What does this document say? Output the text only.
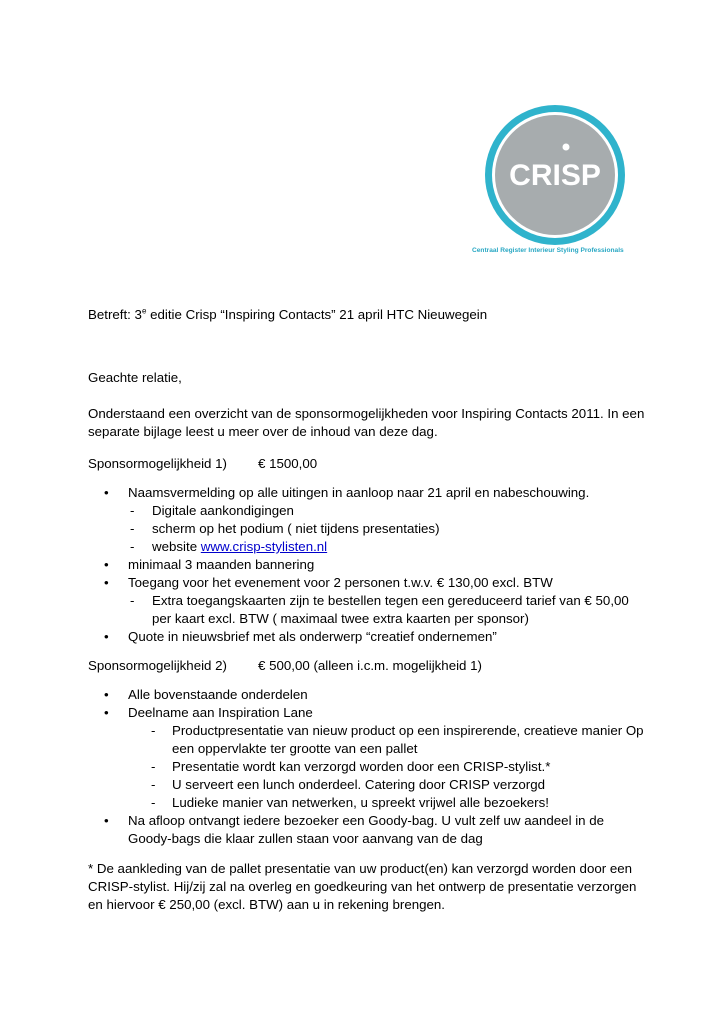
CRISP
Centraal Register Interieur Styling Professionals

Betreft: 3e editie Crisp “Inspiring Contacts” 21 april HTC Nieuwegein

Geachte relatie,

Onderstaand een overzicht van de sponsormogelijkheden voor Inspiring Contacts 2011. In een separate bijlage leest u meer over de inhoud van deze dag.

Sponsormogelijkheid 1) € 1500,00

• Naamsvermelding op alle uitingen in aanloop naar 21 april en nabeschouwing.
- Digitale aankondigingen
- scherm op het podium ( niet tijdens presentaties)
- website www.crisp-stylisten.nl
• minimaal 3 maanden bannering
• Toegang voor het evenement voor 2 personen t.w.v. € 130,00 excl. BTW
- Extra toegangskaarten zijn te bestellen tegen een gereduceerd tarief van € 50,00 per kaart excl. BTW ( maximaal twee extra kaarten per sponsor)
• Quote in nieuwsbrief met als onderwerp “creatief ondernemen”

Sponsormogelijkheid 2) € 500,00 (alleen i.c.m. mogelijkheid 1)

• Alle bovenstaande onderdelen
• Deelname aan Inspiration Lane
- Productpresentatie van nieuw product op een inspirerende, creatieve manier Op een oppervlakte ter grootte van een pallet
- Presentatie wordt kan verzorgd worden door een CRISP-stylist.*
- U serveert een lunch onderdeel. Catering door CRISP verzorgd
- Ludieke manier van netwerken, u spreekt vrijwel alle bezoekers!
• Na afloop ontvangt iedere bezoeker een Goody-bag. U vult zelf uw aandeel in de Goody-bags die klaar zullen staan voor aanvang van de dag

* De aankleding van de pallet presentatie van uw product(en) kan verzorgd worden door een CRISP-stylist. Hij/zij zal na overleg en goedkeuring van het ontwerp de presentatie verzorgen en hiervoor € 250,00 (excl. BTW) aan u in rekening brengen.
